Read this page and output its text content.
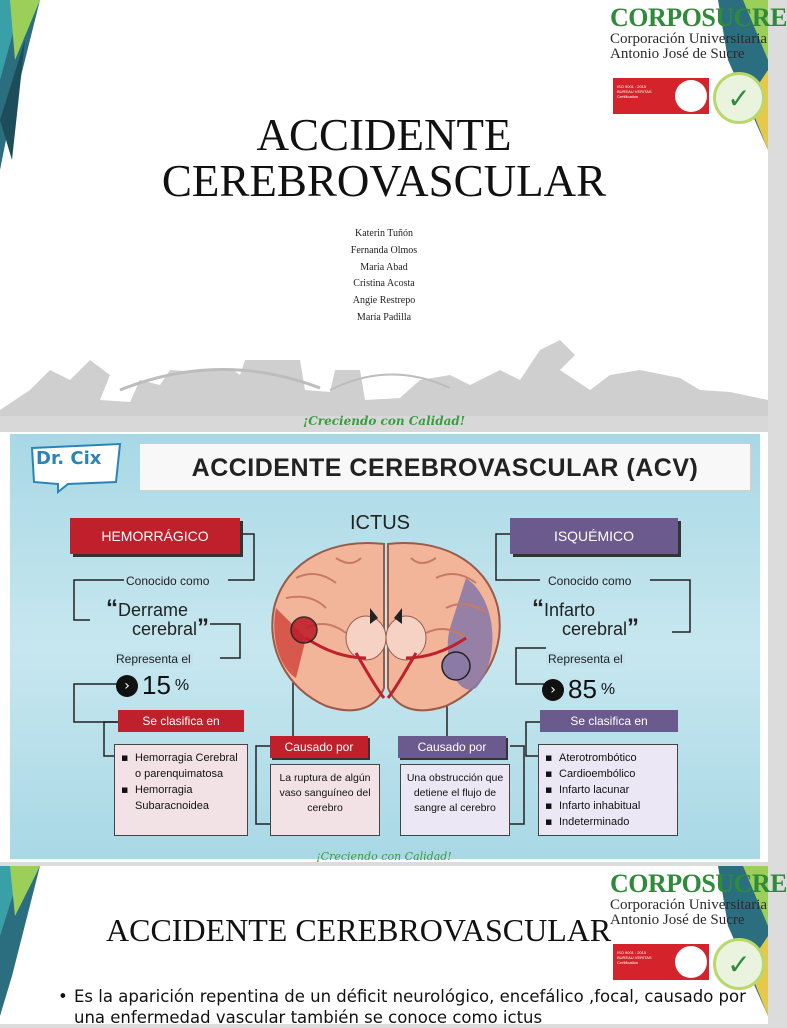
CORPOSUCRE
Corporación Universitaria
Antonio José de Sucre
ISO 9001 : 2015
BUREAU VERITAS
Certification	✓
ACCIDENTE
CEREBROVASCULAR
Katerin Tuñón
Fernanda Olmos
Maria Abad
Cristina Acosta
Angie Restrepo
María Padilla
¡Creciendo con Calidad!
ACCIDENTE CEREBROVASCULAR (ACV)
Dr. Cix
ICTUS
HEMORRÁGICO
Conocido como
“Derrame
cerebral”
Representa el
› 15 %
Se clasifica en
▪ Hemorragia Cerebral o parenquimatosa
▪ Hemorragia Subaracnoidea
Causado por
La ruptura de algún vaso sanguíneo del cerebro
ISQUÉMICO
Conocido como
“Infarto
cerebral”
Representa el
› 85 %
Se clasifica en
▪ Aterotrombótico
▪ Cardioembólico
▪ Infarto lacunar
▪ Infarto inhabitual
▪ Indeterminado
Causado por
Una obstrucción que detiene el flujo de sangre al cerebro
¡Creciendo con Calidad!
CORPOSUCRE
Corporación Universitaria
Antonio José de Sucre
ISO 9001 : 2015
BUREAU VERITAS
Certification	✓
ACCIDENTE CEREBROVASCULAR
• Es la aparición repentina de un déficit neurológico, encefálico ,focal, causado por una enfermedad vascular también se conoce como ictus
